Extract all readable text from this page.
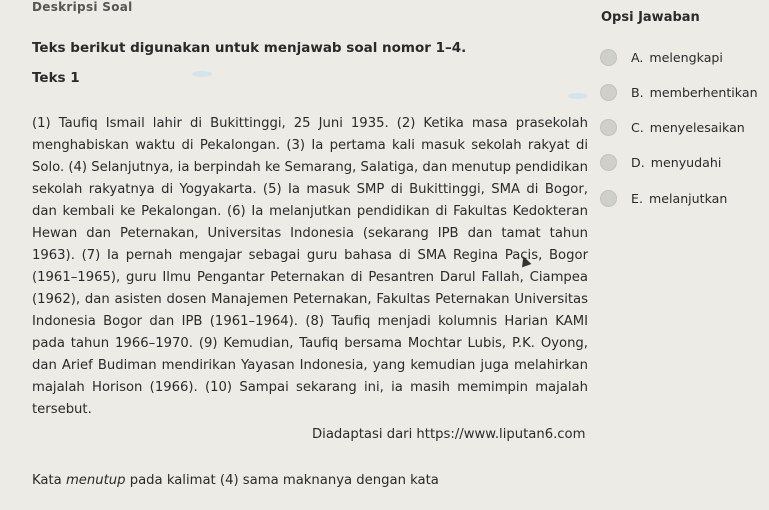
Deskripsi Soal
Teks berikut digunakan untuk menjawab soal nomor 1–4.
Teks 1
(1) Taufiq Ismail lahir di Bukittinggi, 25 Juni 1935. (2) Ketika masa prasekolah menghabiskan waktu di Pekalongan. (3) Ia pertama kali masuk sekolah rakyat di Solo. (4) Selanjutnya, ia berpindah ke Semarang, Salatiga, dan menutup pendidikan sekolah rakyatnya di Yogyakarta. (5) Ia masuk SMP di Bukittinggi, SMA di Bogor, dan kembali ke Pekalongan. (6) Ia melanjutkan pendidikan di Fakultas Kedokteran Hewan dan Peternakan, Universitas Indonesia (sekarang IPB dan tamat tahun 1963). (7) Ia pernah mengajar sebagai guru bahasa di SMA Regina Pacis, Bogor (1961–1965), guru Ilmu Pengantar Peternakan di Pesantren Darul Fallah, Ciampea (1962), dan asisten dosen Manajemen Peternakan, Fakultas Peternakan Universitas Indonesia Bogor dan IPB (1961–1964). (8) Taufiq menjadi kolumnis Harian KAMI pada tahun 1966–1970. (9) Kemudian, Taufiq bersama Mochtar Lubis, P.K. Oyong, dan Arief Budiman mendirikan Yayasan Indonesia, yang kemudian juga melahirkan majalah Horison (1966). (10) Sampai sekarang ini, ia masih memimpin majalah tersebut.
Diadaptasi dari https://www.liputan6.com
Kata menutup pada kalimat (4) sama maknanya dengan kata
Opsi Jawaban
A. melengkapi
B. memberhentikan
C. menyelesaikan
D. menyudahi
E. melanjutkan
